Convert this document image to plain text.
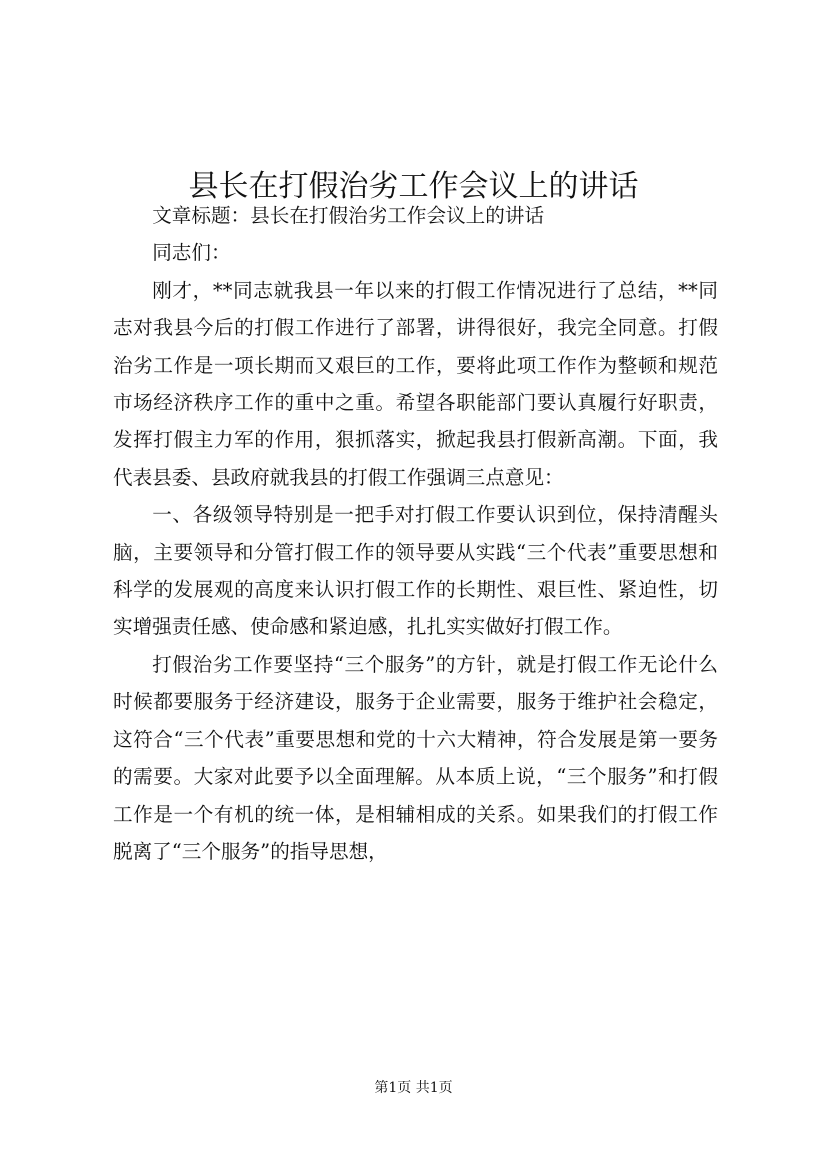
县长在打假治劣工作会议上的讲话

文章标题：县长在打假治劣工作会议上的讲话

同志们：

刚才，**同志就我县一年以来的打假工作情况进行了总结，**同志对我县今后的打假工作进行了部署，讲得很好，我完全同意。打假治劣工作是一项长期而又艰巨的工作，要将此项工作作为整顿和规范市场经济秩序工作的重中之重。希望各职能部门要认真履行好职责，发挥打假主力军的作用，狠抓落实，掀起我县打假新高潮。下面，我代表县委、县政府就我县的打假工作强调三点意见：

一、各级领导特别是一把手对打假工作要认识到位，保持清醒头脑，主要领导和分管打假工作的领导要从实践“三个代表”重要思想和科学的发展观的高度来认识打假工作的长期性、艰巨性、紧迫性，切实增强责任感、使命感和紧迫感，扎扎实实做好打假工作。

打假治劣工作要坚持“三个服务”的方针，就是打假工作无论什么时候都要服务于经济建设，服务于企业需要，服务于维护社会稳定，这符合“三个代表”重要思想和党的十六大精神，符合发展是第一要务的需要。大家对此要予以全面理解。从本质上说，“三个服务”和打假工作是一个有机的统一体，是相辅相成的关系。如果我们的打假工作脱离了“三个服务”的指导思想，

第1页 共1页
